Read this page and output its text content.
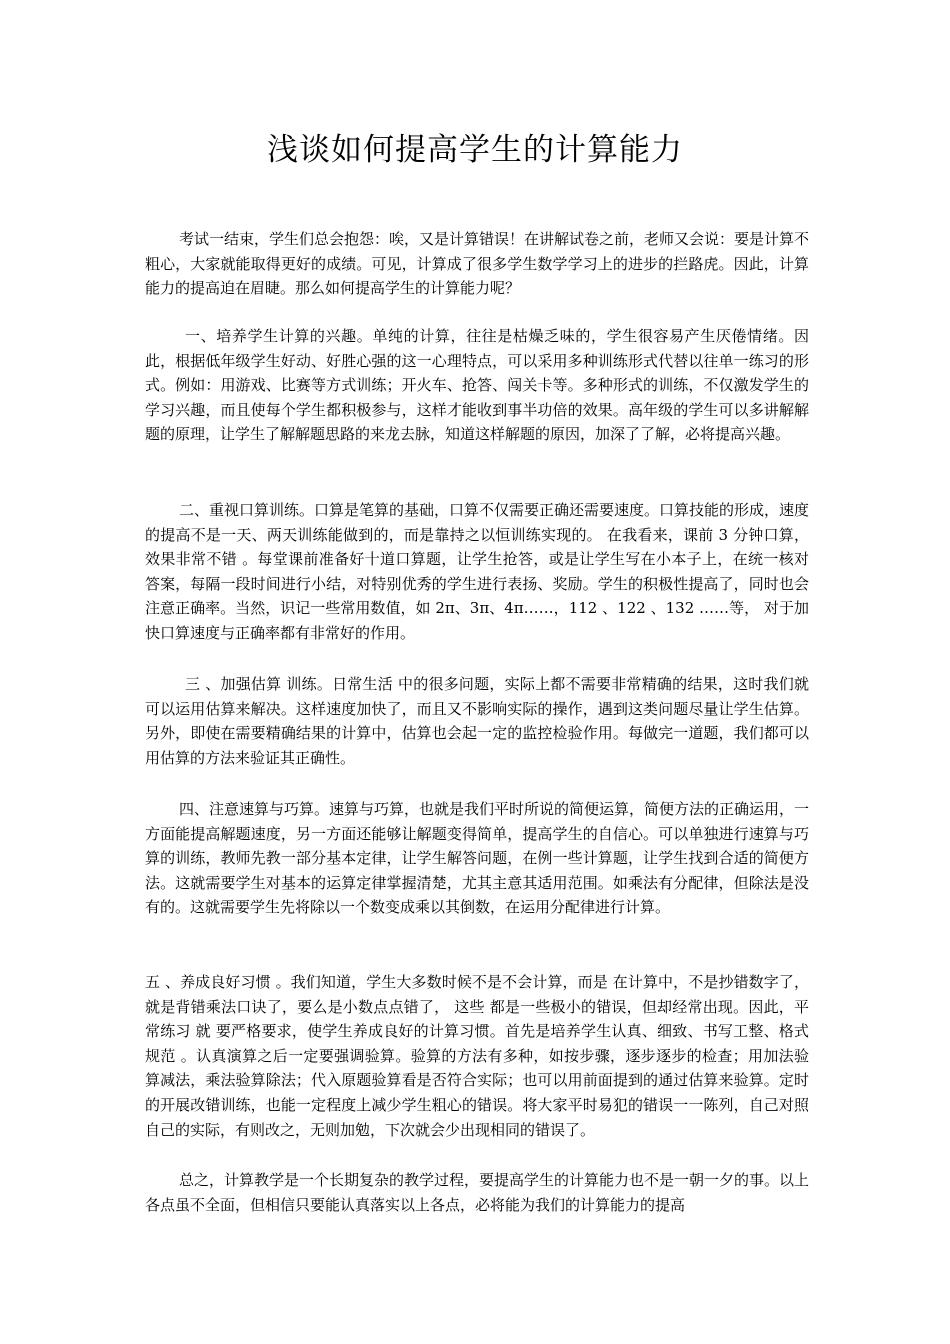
浅谈如何提高学生的计算能力

考试一结束，学生们总会抱怨：唉，又是计算错误！在讲解试卷之前，老师又会说：要是计算不粗心，大家就能取得更好的成绩。可见，计算成了很多学生数学学习上的进步的拦路虎。因此，计算能力的提高迫在眉睫。那么如何提高学生的计算能力呢？

一、培养学生计算的兴趣。单纯的计算，往往是枯燥乏味的，学生很容易产生厌倦情绪。因此，根据低年级学生好动、好胜心强的这一心理特点，可以采用多种训练形式代替以往单一练习的形式。例如：用游戏、比赛等方式训练；开火车、抢答、闯关卡等。多种形式的训练，不仅激发学生的学习兴趣，而且使每个学生都积极参与，这样才能收到事半功倍的效果。高年级的学生可以多讲解解题的原理，让学生了解解题思路的来龙去脉，知道这样解题的原因，加深了了解，必将提高兴趣。

二、重视口算训练。口算是笔算的基础，口算不仅需要正确还需要速度。口算技能的形成，速度的提高不是一天、两天训练能做到的，而是靠持之以恒训练实现的。 在我看来，课前 3 分钟口算，效果非常不错 。每堂课前准备好十道口算题，让学生抢答，或是让学生写在小本子上，在统一核对答案，每隔一段时间进行小结，对特别优秀的学生进行表扬、奖励。学生的积极性提高了，同时也会注意正确率。当然，识记一些常用数值，如 2π、3π、4π……，112 、122 、132 ……等， 对于加快口算速度与正确率都有非常好的作用。

三 、加强估算 训练。日常生活 中的很多问题，实际上都不需要非常精确的结果，这时我们就可以运用估算来解决。这样速度加快了，而且又不影响实际的操作，遇到这类问题尽量让学生估算。另外，即使在需要精确结果的计算中，估算也会起一定的监控检验作用。每做完一道题，我们都可以用估算的方法来验证其正确性。

四、注意速算与巧算。速算与巧算，也就是我们平时所说的简便运算，简便方法的正确运用，一方面能提高解题速度，另一方面还能够让解题变得简单，提高学生的自信心。可以单独进行速算与巧算的训练，教师先教一部分基本定律，让学生解答问题，在例一些计算题，让学生找到合适的简便方法。这就需要学生对基本的运算定律掌握清楚，尤其主意其适用范围。如乘法有分配律，但除法是没有的。这就需要学生先将除以一个数变成乘以其倒数，在运用分配律进行计算。

五 、养成良好习惯 。我们知道，学生大多数时候不是不会计算，而是 在计算中，不是抄错数字了，就是背错乘法口诀了，要么是小数点点错了， 这些 都是一些极小的错误，但却经常出现。因此，平常练习 就 要严格要求，使学生养成良好的计算习惯。首先是培养学生认真、细致、书写工整、格式规范 。认真演算之后一定要强调验算。验算的方法有多种，如按步骤，逐步逐步的检查；用加法验算减法，乘法验算除法；代入原题验算看是否符合实际；也可以用前面提到的通过估算来验算。定时的开展改错训练，也能一定程度上减少学生粗心的错误。将大家平时易犯的错误一一陈列，自己对照自己的实际，有则改之，无则加勉，下次就会少出现相同的错误了。

总之，计算教学是一个长期复杂的教学过程，要提高学生的计算能力也不是一朝一夕的事。以上各点虽不全面，但相信只要能认真落实以上各点，必将能为我们的计算能力的提高
